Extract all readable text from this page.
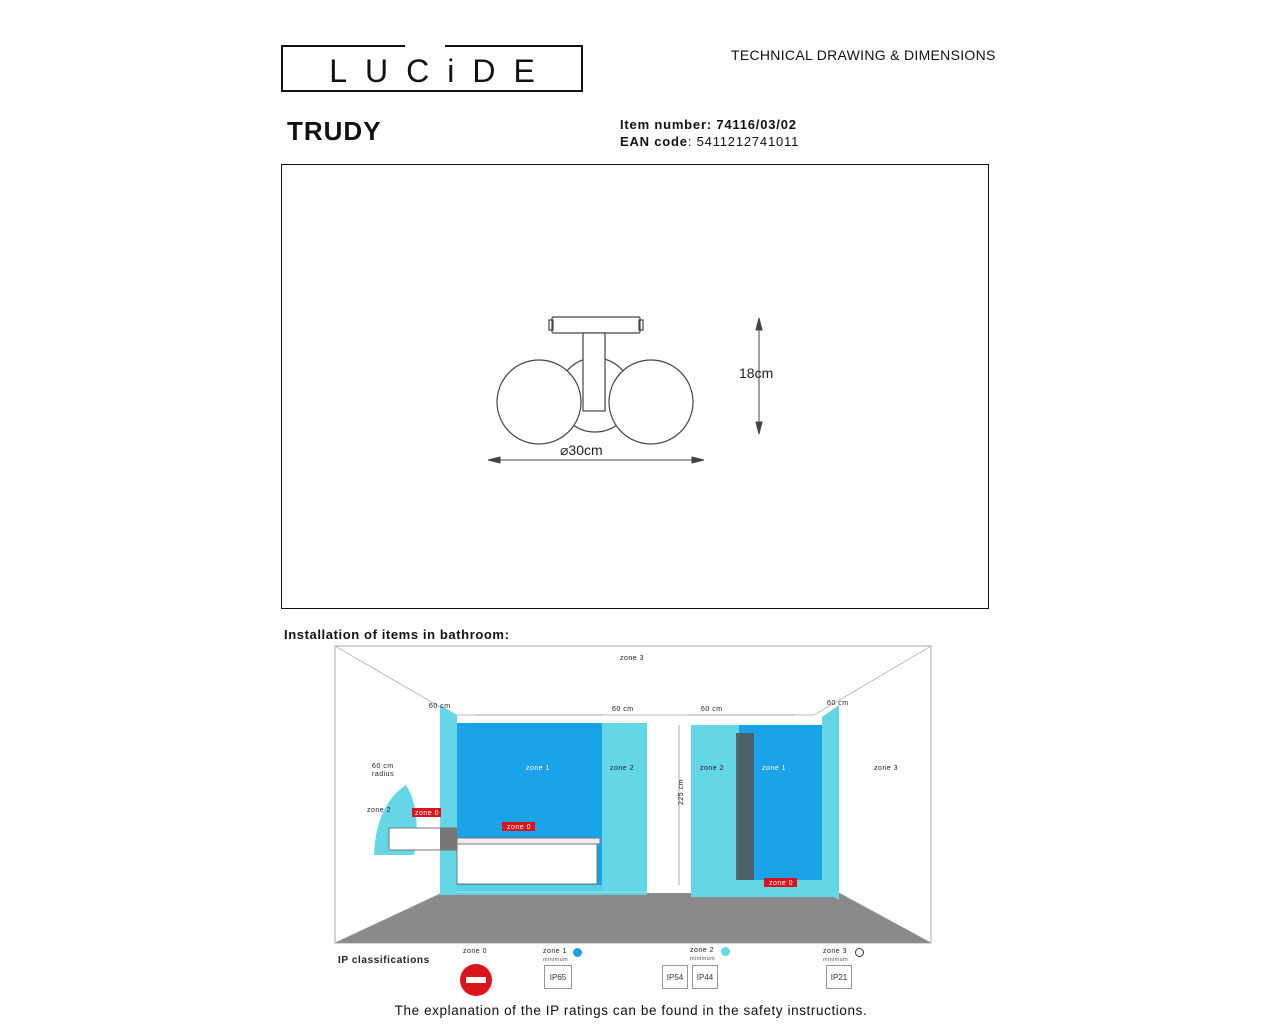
LUCiDE	TECHNICAL DRAWING & DIMENSIONS
TRUDY	Item number: 74116/03/02
EAN code: 5411212741011
⌀30cm
18cm
Installation of items in bathroom:
zone 3
60 cm	60 cm	60 cm
60 cm
60 cm
radius
zone 2	zone 0
zone 1
zone 0
zone 2	zone 2	zone 1
zone 0
zone 3
225 cm
IP classifications
zone 0	zone 1
minimum
IP65
zone 2
minimum
IP54	IP44
zone 3
minimum
IP21
The explanation of the IP ratings can be found in the safety instructions.
